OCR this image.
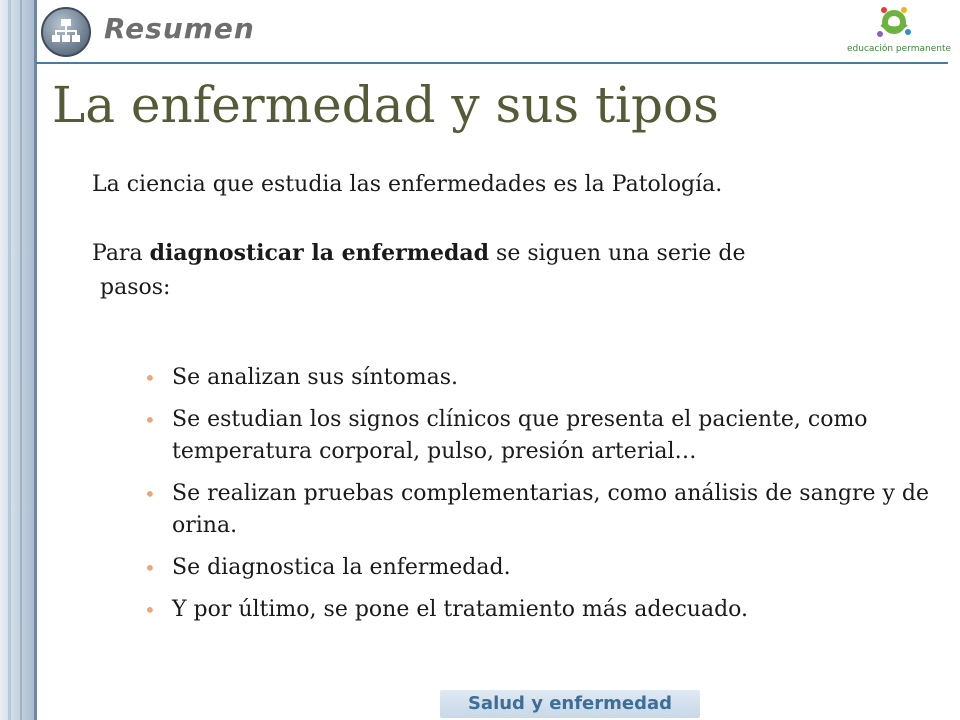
Resumen
educación permanente
La enfermedad y sus tipos
La ciencia que estudia las enfermedades es la Patología.
Para diagnosticar la enfermedad se siguen una serie de
pasos:
• Se analizan sus síntomas.
• Se estudian los signos clínicos que presenta el paciente, como temperatura corporal, pulso, presión arterial…
• Se realizan pruebas complementarias, como análisis de sangre y de orina.
• Se diagnostica la enfermedad.
• Y por último, se pone el tratamiento más adecuado.
Salud y enfermedad
